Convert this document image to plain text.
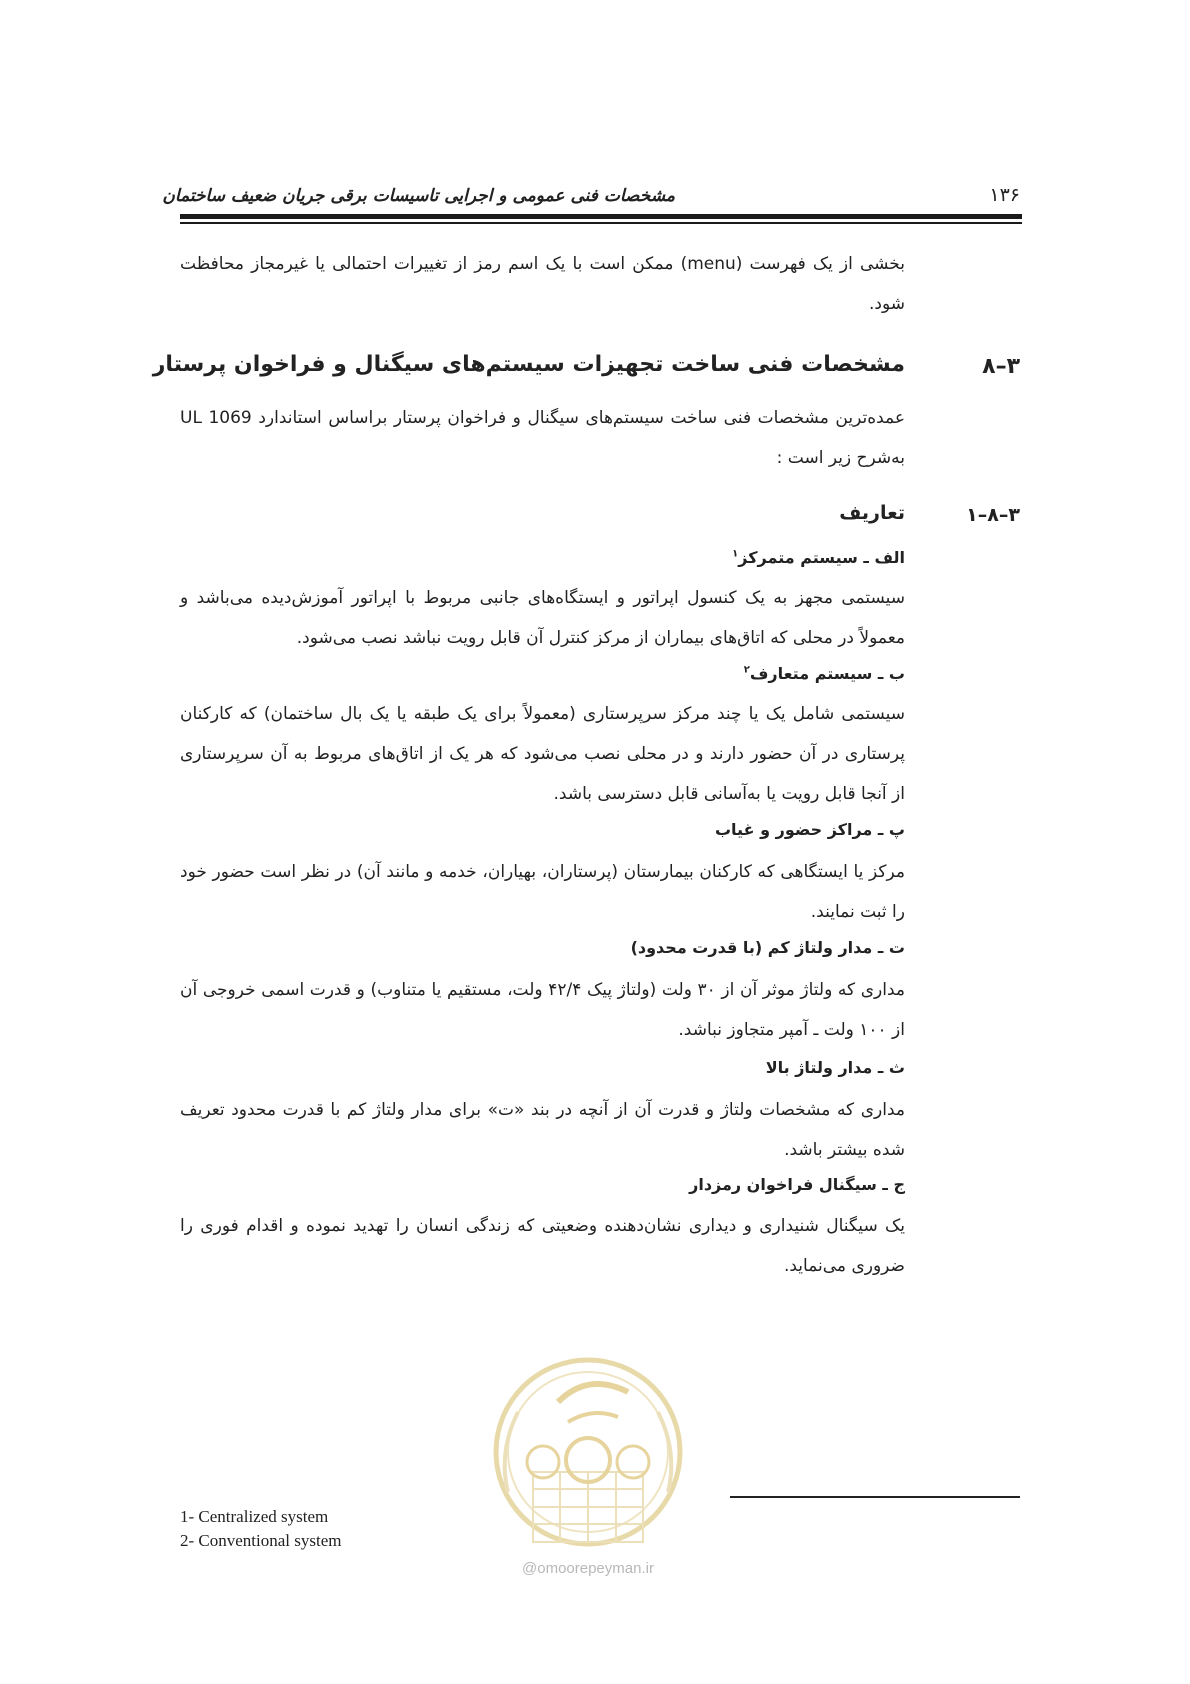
مشخصات فنی عمومی و اجرایی تاسیسات برقی جریان ضعیف ساختمان	۱۳۶
بخشی از یک فهرست (menu) ممکن است با یک اسم رمز از تغییرات احتمالی یا غیرمجاز محافظت شود.
۳–۸
مشخصات فنی ساخت تجهیزات سیستم‌های سیگنال و فراخوان پرستار
عمده‌ترین مشخصات فنی ساخت سیستم‌های سیگنال و فراخوان پرستار براساس استاندارد UL 1069 به‌شرح زیر است :
۳–۸–۱
تعاریف
الف ـ سیستم متمرکز$^۱$
سیستمی مجهز به یک کنسول اپراتور و ایستگاه‌های جانبی مربوط با اپراتور آموزش‌دیده می‌باشد و معمولاً در محلی که اتاق‌های بیماران از مرکز کنترل آن قابل رویت نباشد نصب می‌شود.
ب ـ سیستم متعارف$^۲$
سیستمی شامل یک یا چند مرکز سرپرستاری (معمولاً برای یک طبقه یا یک بال ساختمان) که کارکنان پرستاری در آن حضور دارند و در محلی نصب می‌شود که هر یک از اتاق‌های مربوط به آن سرپرستاری از آنجا قابل رویت یا به‌آسانی قابل دسترسی باشد.
پ ـ مراکز حضور و غیاب
مرکز یا ایستگاهی که کارکنان بیمارستان (پرستاران، بهیاران، خدمه و مانند آن) در نظر است حضور خود را ثبت نمایند.
ت ـ مدار ولتاژ کم (با قدرت محدود)
مداری که ولتاژ موثر آن از ۳۰ ولت (ولتاژ پیک ۴۲/۴ ولت، مستقیم یا متناوب) و قدرت اسمی خروجی آن از ۱۰۰ ولت ـ آمپر متجاوز نباشد.
ث ـ مدار ولتاژ بالا
مداری که مشخصات ولتاژ و قدرت آن از آنچه در بند «ت» برای مدار ولتاژ کم با قدرت محدود تعریف شده بیشتر باشد.
ج ـ سیگنال فراخوان رمزدار
یک سیگنال شنیداری و دیداری نشان‌دهنده وضعیتی که زندگی انسان را تهدید نموده و اقدام فوری را ضروری می‌نماید.
@omoorepeyman.ir
1- Centralized system
2- Conventional system
